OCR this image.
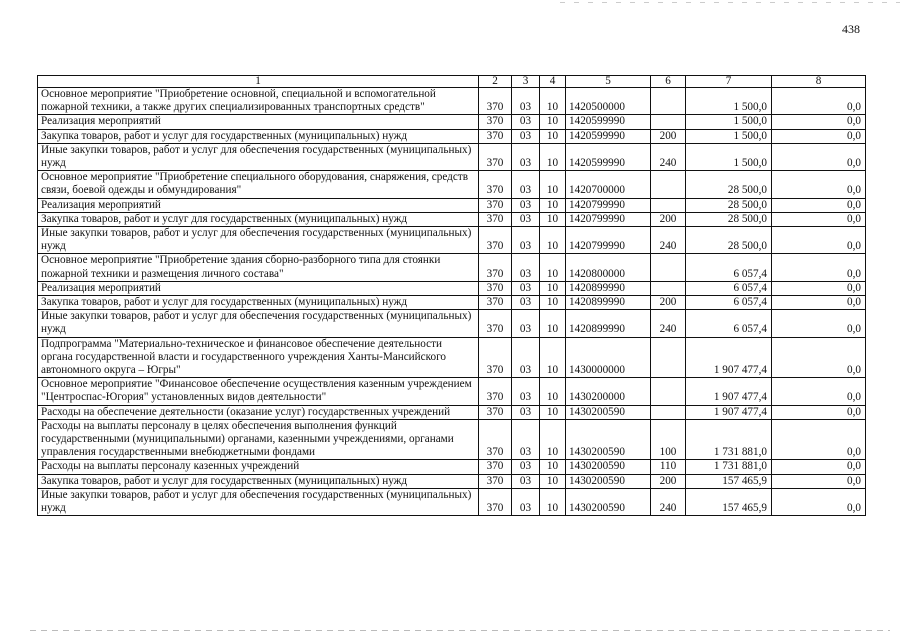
438
1	2	3	4	5	6	7	8
Основное мероприятие "Приобретение основной, специальной и вспомогательной пожарной техники, а также других специализированных транспортных средств"	370	03	10	1420500000		1 500,0	0,0
Реализация мероприятий	370	03	10	1420599990		1 500,0	0,0
Закупка товаров, работ и услуг для государственных (муниципальных) нужд	370	03	10	1420599990	200	1 500,0	0,0
Иные закупки товаров, работ и услуг для обеспечения государственных (муниципальных) нужд	370	03	10	1420599990	240	1 500,0	0,0
Основное мероприятие "Приобретение специального оборудования, снаряжения, средств связи, боевой одежды и обмундирования"	370	03	10	1420700000		28 500,0	0,0
Реализация мероприятий	370	03	10	1420799990		28 500,0	0,0
Закупка товаров, работ и услуг для государственных (муниципальных) нужд	370	03	10	1420799990	200	28 500,0	0,0
Иные закупки товаров, работ и услуг для обеспечения государственных (муниципальных) нужд	370	03	10	1420799990	240	28 500,0	0,0
Основное мероприятие "Приобретение здания сборно-разборного типа для стоянки пожарной техники и размещения личного состава"	370	03	10	1420800000		6 057,4	0,0
Реализация мероприятий	370	03	10	1420899990		6 057,4	0,0
Закупка товаров, работ и услуг для государственных (муниципальных) нужд	370	03	10	1420899990	200	6 057,4	0,0
Иные закупки товаров, работ и услуг для обеспечения государственных (муниципальных) нужд	370	03	10	1420899990	240	6 057,4	0,0
Подпрограмма "Материально-техническое и финансовое обеспечение деятельности органа государственной власти и государственного учреждения Ханты-Мансийского автономного округа – Югры"	370	03	10	1430000000		1 907 477,4	0,0
Основное мероприятие "Финансовое обеспечение осуществления казенным учреждением "Центроспас-Югория" установленных видов деятельности"	370	03	10	1430200000		1 907 477,4	0,0
Расходы на обеспечение деятельности (оказание услуг) государственных учреждений	370	03	10	1430200590		1 907 477,4	0,0
Расходы на выплаты персоналу в целях обеспечения выполнения функций государственными (муниципальными) органами, казенными учреждениями, органами управления государственными внебюджетными фондами	370	03	10	1430200590	100	1 731 881,0	0,0
Расходы на выплаты персоналу казенных учреждений	370	03	10	1430200590	110	1 731 881,0	0,0
Закупка товаров, работ и услуг для государственных (муниципальных) нужд	370	03	10	1430200590	200	157 465,9	0,0
Иные закупки товаров, работ и услуг для обеспечения государственных (муниципальных) нужд	370	03	10	1430200590	240	157 465,9	0,0
